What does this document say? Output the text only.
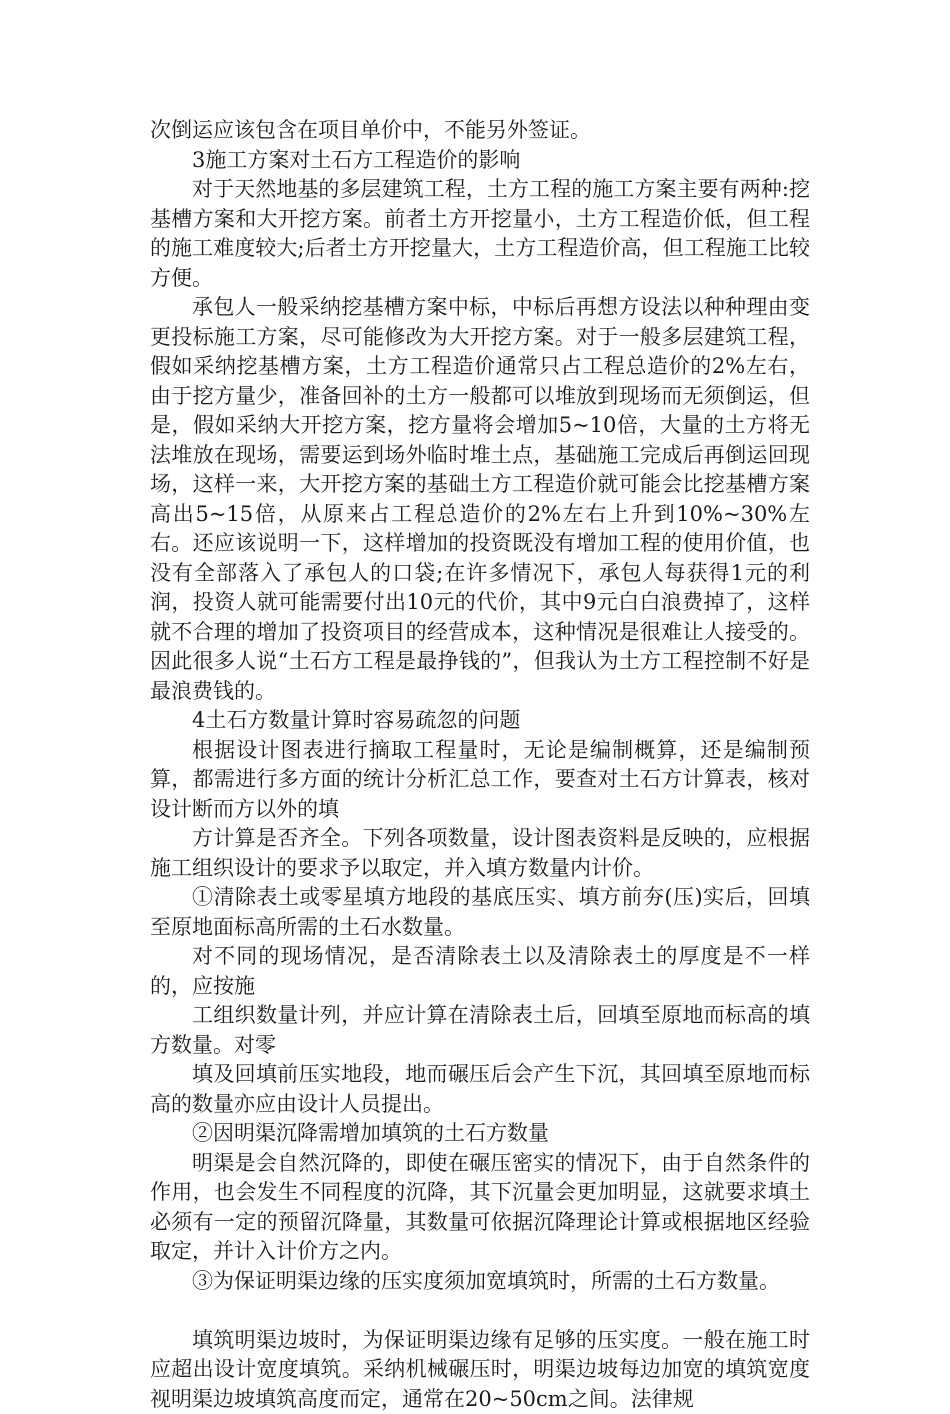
次倒运应该包含在项目单价中，不能另外签证。

3施工方案对土石方工程造价的影响

对于天然地基的多层建筑工程，土方工程的施工方案主要有两种:挖基槽方案和大开挖方案。前者土方开挖量小，土方工程造价低，但工程的施工难度较大;后者土方开挖量大，土方工程造价高，但工程施工比较方便。

承包人一般采纳挖基槽方案中标，中标后再想方设法以种种理由变更投标施工方案，尽可能修改为大开挖方案。对于一般多层建筑工程，假如采纳挖基槽方案，土方工程造价通常只占工程总造价的2%左右，由于挖方量少，准备回补的土方一般都可以堆放到现场而无须倒运，但是，假如采纳大开挖方案，挖方量将会增加5~10倍，大量的土方将无法堆放在现场，需要运到场外临时堆土点，基础施工完成后再倒运回现场，这样一来，大开挖方案的基础土方工程造价就可能会比挖基槽方案高出5~15倍，从原来占工程总造价的2%左右上升到10%~30%左右。还应该说明一下，这样增加的投资既没有增加工程的使用价值，也没有全部落入了承包人的口袋;在许多情况下，承包人每获得1元的利润，投资人就可能需要付出10元的代价，其中9元白白浪费掉了，这样就不合理的增加了投资项目的经营成本，这种情况是很难让人接受的。因此很多人说“土石方工程是最挣钱的”，但我认为土方工程控制不好是最浪费钱的。

4土石方数量计算时容易疏忽的问题

根据设计图表进行摘取工程量时，无论是编制概算，还是编制预算，都需进行多方面的统计分析汇总工作，要查对土石方计算表，核对设计断而方以外的填

方计算是否齐全。下列各项数量，设计图表资料是反映的，应根据施工组织设计的要求予以取定，并入填方数量内计价。

①清除表土或零星填方地段的基底压实、填方前夯(压)实后，回填至原地面标高所需的土石水数量。

对不同的现场情况，是否清除表土以及清除表土的厚度是不一样的，应按施

工组织数量计列，并应计算在清除表土后，回填至原地而标高的填方数量。对零

填及回填前压实地段，地而碾压后会产生下沉，其回填至原地而标高的数量亦应由设计人员提出。

②因明渠沉降需增加填筑的土石方数量

明渠是会自然沉降的，即使在碾压密实的情况下，由于自然条件的作用，也会发生不同程度的沉降，其下沉量会更加明显，这就要求填土必须有一定的预留沉降量，其数量可依据沉降理论计算或根据地区经验取定，并计入计价方之内。

③为保证明渠边缘的压实度须加宽填筑时，所需的土石方数量。

填筑明渠边坡时，为保证明渠边缘有足够的压实度。一般在施工时应超出设计宽度填筑。采纳机械碾压时，明渠边坡每边加宽的填筑宽度视明渠边坡填筑高度而定，通常在20~50cm之间。法律规
